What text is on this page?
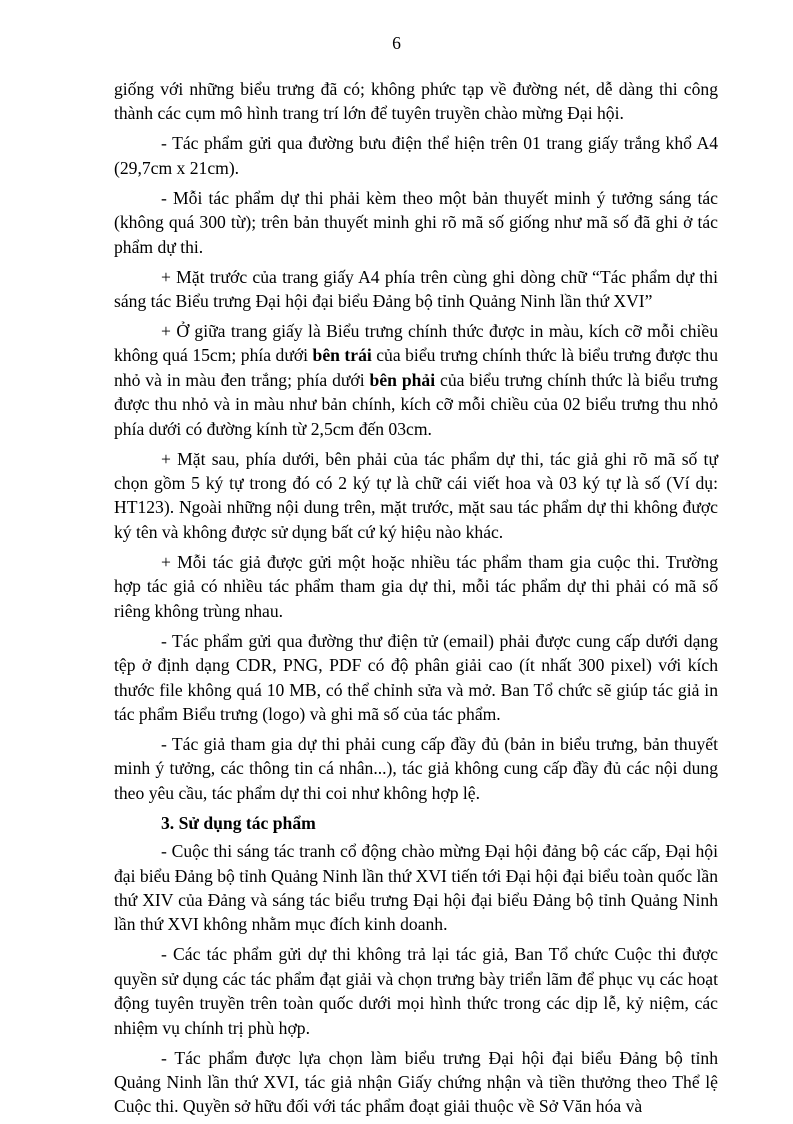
6

giống với những biểu trưng đã có; không phức tạp về đường nét, dễ dàng thi công thành các cụm mô hình trang trí lớn để tuyên truyền chào mừng Đại hội.

- Tác phẩm gửi qua đường bưu điện thể hiện trên 01 trang giấy trắng khổ A4 (29,7cm x 21cm).

- Mỗi tác phẩm dự thi phải kèm theo một bản thuyết minh ý tưởng sáng tác (không quá 300 từ); trên bản thuyết minh ghi rõ mã số giống như mã số đã ghi ở tác phẩm dự thi.

+ Mặt trước của trang giấy A4 phía trên cùng ghi dòng chữ “Tác phẩm dự thi sáng tác Biểu trưng Đại hội đại biểu Đảng bộ tỉnh Quảng Ninh lần thứ XVI”

+ Ở giữa trang giấy là Biểu trưng chính thức được in màu, kích cỡ mỗi chiều không quá 15cm; phía dưới bên trái của biểu trưng chính thức là biểu trưng được thu nhỏ và in màu đen trắng; phía dưới bên phải của biểu trưng chính thức là biểu trưng được thu nhỏ và in màu như bản chính, kích cỡ mỗi chiều của 02 biểu trưng thu nhỏ phía dưới có đường kính từ 2,5cm đến 03cm.

+ Mặt sau, phía dưới, bên phải của tác phẩm dự thi, tác giả ghi rõ mã số tự chọn gồm 5 ký tự trong đó có 2 ký tự là chữ cái viết hoa và 03 ký tự là số (Ví dụ: HT123). Ngoài những nội dung trên, mặt trước, mặt sau tác phẩm dự thi không được ký tên và không được sử dụng bất cứ ký hiệu nào khác.

+ Mỗi tác giả được gửi một hoặc nhiều tác phẩm tham gia cuộc thi. Trường hợp tác giả có nhiều tác phẩm tham gia dự thi, mỗi tác phẩm dự thi phải có mã số riêng không trùng nhau.

- Tác phẩm gửi qua đường thư điện tử (email) phải được cung cấp dưới dạng tệp ở định dạng CDR, PNG, PDF có độ phân giải cao (ít nhất 300 pixel) với kích thước file không quá 10 MB, có thể chỉnh sửa và mở. Ban Tổ chức sẽ giúp tác giả in tác phẩm Biểu trưng (logo) và ghi mã số của tác phẩm.

- Tác giả tham gia dự thi phải cung cấp đầy đủ (bản in biểu trưng, bản thuyết minh ý tưởng, các thông tin cá nhân...), tác giả không cung cấp đầy đủ các nội dung theo yêu cầu, tác phẩm dự thi coi như không hợp lệ.

3. Sử dụng tác phẩm

- Cuộc thi sáng tác tranh cổ động chào mừng Đại hội đảng bộ các cấp, Đại hội đại biểu Đảng bộ tỉnh Quảng Ninh lần thứ XVI tiến tới Đại hội đại biểu toàn quốc lần thứ XIV của Đảng và sáng tác biểu trưng Đại hội đại biểu Đảng bộ tỉnh Quảng Ninh lần thứ XVI không nhằm mục đích kinh doanh.

- Các tác phẩm gửi dự thi không trả lại tác giả, Ban Tổ chức Cuộc thi được quyền sử dụng các tác phẩm đạt giải và chọn trưng bày triển lãm để phục vụ các hoạt động tuyên truyền trên toàn quốc dưới mọi hình thức trong các dịp lễ, kỷ niệm, các nhiệm vụ chính trị phù hợp.

- Tác phẩm được lựa chọn làm biểu trưng Đại hội đại biểu Đảng bộ tỉnh Quảng Ninh lần thứ XVI, tác giả nhận Giấy chứng nhận và tiền thưởng theo Thể lệ Cuộc thi. Quyền sở hữu đối với tác phẩm đoạt giải thuộc về Sở Văn hóa và
